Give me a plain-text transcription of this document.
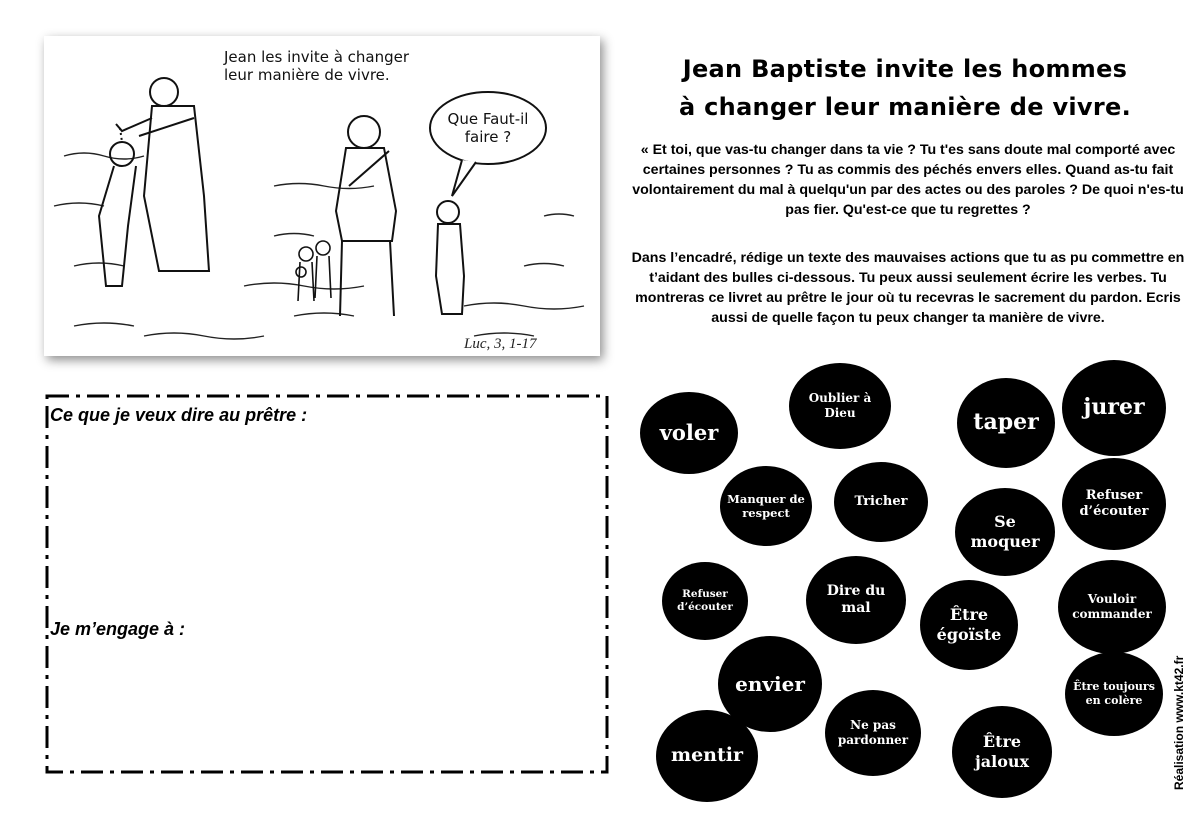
Jean les invite à changer
leur manière de vivre.
Que Faut-il
faire ?
Luc, 3, 1-17
Jean Baptiste invite les hommes
à changer leur manière de vivre.
« Et toi, que vas-tu changer dans ta vie ? Tu t'es sans doute mal comporté avec certaines personnes ? Tu as commis des péchés envers elles. Quand as-tu fait volontairement du mal à quelqu'un par des actes ou des paroles ? De quoi n'es-tu pas fier. Qu'est-ce que tu regrettes ?
Dans l’encadré, rédige un texte des mauvaises actions que tu as pu commettre en t’aidant des bulles ci-dessous. Tu peux aussi seulement écrire les verbes. Tu montreras ce livret au prêtre le jour où tu recevras le sacrement du pardon. Ecris aussi de quelle façon tu peux changer ta manière de vivre.
Ce que je veux dire au prêtre :
Je m’engage à :
voler
Oublier à Dieu	taper
jurer
Manquer de respect
Tricher
Se moquer
Refuser d’écouter
Refuser d’écouter
Dire du mal	Être égoïste
Vouloir commander
envier	Être toujours en colère
mentir
Ne pas pardonner	Être jaloux	Réalisation www.kt42.fr
